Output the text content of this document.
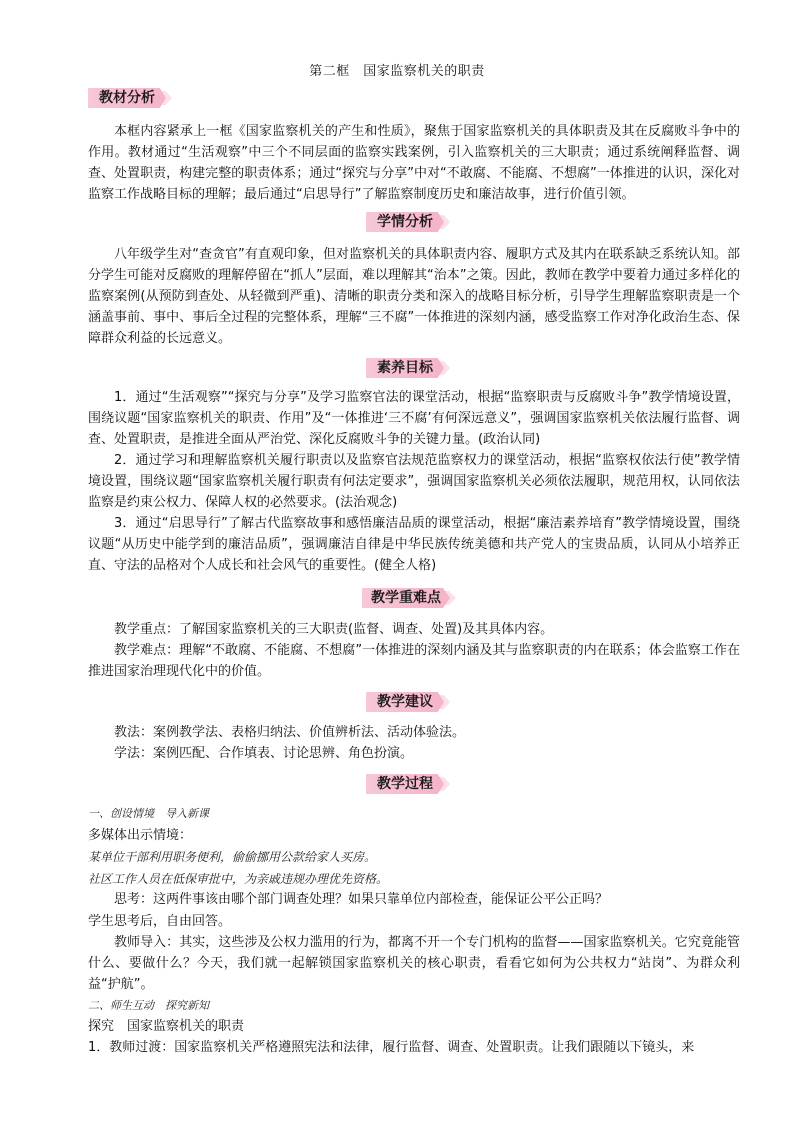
第二框　国家监察机关的职责
教材分析

本框内容紧承上一框《国家监察机关的产生和性质》，聚焦于国家监察机关的具体职责及其在反腐败斗争中的作用。教材通过“生活观察”中三个不同层面的监察实践案例，引入监察机关的三大职责；通过系统阐释监督、调查、处置职责，构建完整的职责体系；通过“探究与分享”中对“不敢腐、不能腐、不想腐”一体推进的认识，深化对监察工作战略目标的理解；最后通过“启思导行”了解监察制度历史和廉洁故事，进行价值引领。

学情分析

八年级学生对“查贪官”有直观印象，但对监察机关的具体职责内容、履职方式及其内在联系缺乏系统认知。部分学生可能对反腐败的理解停留在“抓人”层面，难以理解其“治本”之策。因此，教师在教学中要着力通过多样化的监察案例(从预防到查处、从轻微到严重)、清晰的职责分类和深入的战略目标分析，引导学生理解监察职责是一个涵盖事前、事中、事后全过程的完整体系，理解“三不腐”一体推进的深刻内涵，感受监察工作对净化政治生态、保障群众利益的长远意义。

素养目标

1．通过“生活观察”“探究与分享”及学习监察官法的课堂活动，根据“监察职责与反腐败斗争”教学情境设置，围绕议题“国家监察机关的职责、作用”及“一体推进‘三不腐’有何深远意义”，强调国家监察机关依法履行监督、调查、处置职责，是推进全面从严治党、深化反腐败斗争的关键力量。(政治认同)

2．通过学习和理解监察机关履行职责以及监察官法规范监察权力的课堂活动，根据“监察权依法行使”教学情境设置，围绕议题“国家监察机关履行职责有何法定要求”，强调国家监察机关必须依法履职，规范用权，认同依法监察是约束公权力、保障人权的必然要求。(法治观念)

3．通过“启思导行”了解古代监察故事和感悟廉洁品质的课堂活动，根据“廉洁素养培育”教学情境设置，围绕议题“从历史中能学到的廉洁品质”，强调廉洁自律是中华民族传统美德和共产党人的宝贵品质，认同从小培养正直、守法的品格对个人成长和社会风气的重要性。(健全人格)

教学重难点

教学重点：了解国家监察机关的三大职责(监督、调查、处置)及其具体内容。

教学难点：理解“不敢腐、不能腐、不想腐”一体推进的深刻内涵及其与监察职责的内在联系；体会监察工作在推进国家治理现代化中的价值。

教学建议

教法：案例教学法、表格归纳法、价值辨析法、活动体验法。

学法：案例匹配、合作填表、讨论思辨、角色扮演。

教学过程
一、创设情境　导入新课
多媒体出示情境：
某单位干部利用职务便利，偷偷挪用公款给家人买房。
社区工作人员在低保审批中，为亲戚违规办理优先资格。
思考：这两件事该由哪个部门调查处理？如果只靠单位内部检查，能保证公平公正吗？
学生思考后，自由回答。

教师导入：其实，这些涉及公权力滥用的行为，都离不开一个专门机构的监督——国家监察机关。它究竟能管什么、要做什么？今天，我们就一起解锁国家监察机关的核心职责，看看它如何为公共权力“站岗”、为群众利益“护航”。

二、师生互动　探究新知
探究　国家监察机关的职责
1．教师过渡：国家监察机关严格遵照宪法和法律，履行监督、调查、处置职责。让我们跟随以下镜头，来
